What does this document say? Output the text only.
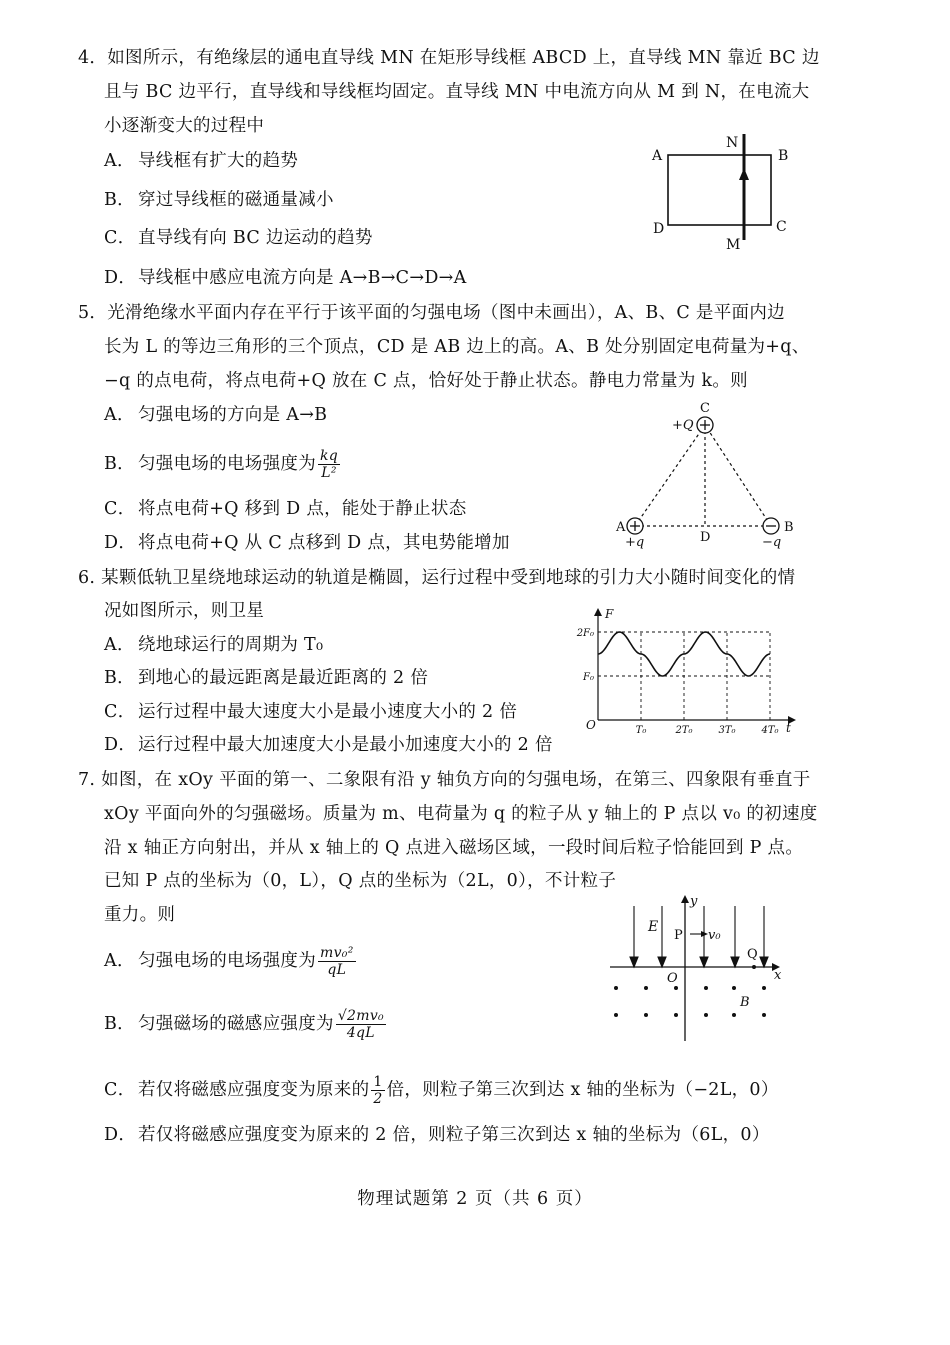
4．如图所示，有绝缘层的通电直导线 MN 在矩形导线框 ABCD 上，直导线 MN 靠近 BC 边
且与 BC 边平行，直导线和导线框均固定。直导线 MN 中电流方向从 M 到 N，在电流大
小逐渐变大的过程中
A． 导线框有扩大的趋势
B． 穿过导线框的磁通量减小
C． 直导线有向 BC 边运动的趋势
D． 导线框中感应电流方向是 A→B→C→D→A
A	B
C
D
N
M
5．光滑绝缘水平面内存在平行于该平面的匀强电场（图中未画出），A、B、C 是平面内边
长为 L 的等边三角形的三个顶点，CD 是 AB 边上的高。A、B 处分别固定电荷量为+q、
−q 的点电荷，将点电荷+Q 放在 C 点，恰好处于静止状态。静电力常量为 k。则
A． 匀强电场的方向是 A→B
B． 匀强电场的电场强度为 $\frac{kq}{\text{L²}}$
C． 将点电荷+Q 移到 D 点，能处于静止状态
D． 将点电荷+Q 从 C 点移到 D 点，其电势能增加
C
+Q
A	B
D
+q	−q
6. 某颗低轨卫星绕地球运动的轨道是椭圆，运行过程中受到地球的引力大小随时间变化的情
况如图所示，则卫星
A． 绕地球运行的周期为 T₀
B． 到地心的最远距离是最近距离的 2 倍
C． 运行过程中最大速度大小是最小速度大小的 2 倍
D． 运行过程中最大加速度大小是最小加速度大小的 2 倍
F
t
O
F₀
2F₀
T₀	2T₀	3T₀	4T₀
7. 如图，在 xOy 平面的第一、二象限有沿 y 轴负方向的匀强电场，在第三、四象限有垂直于
xOy 平面向外的匀强磁场。质量为 m、电荷量为 q 的粒子从 y 轴上的 P 点以 v₀ 的初速度
沿 x 轴正方向射出，并从 x 轴上的 Q 点进入磁场区域，一段时间后粒子恰能回到 P 点。
已知 P 点的坐标为（0，L），Q 点的坐标为（2L，0），不计粒子
重力。则
A． 匀强电场的电场强度为 $\frac{\text{mv₀²}}{qL}$
B． 匀强磁场的磁感应强度为 $\frac{\text{√2mv₀}}{4qL}$
C． 若仅将磁感应强度变为原来的 $\frac{1}{2}$ 倍，则粒子第三次到达 x 轴的坐标为（−2L，0）
D． 若仅将磁感应强度变为原来的 2 倍，则粒子第三次到达 x 轴的坐标为（6L，0）
y
x
E
P v₀
Q
O
B
物理试题第 2 页（共 6 页）
